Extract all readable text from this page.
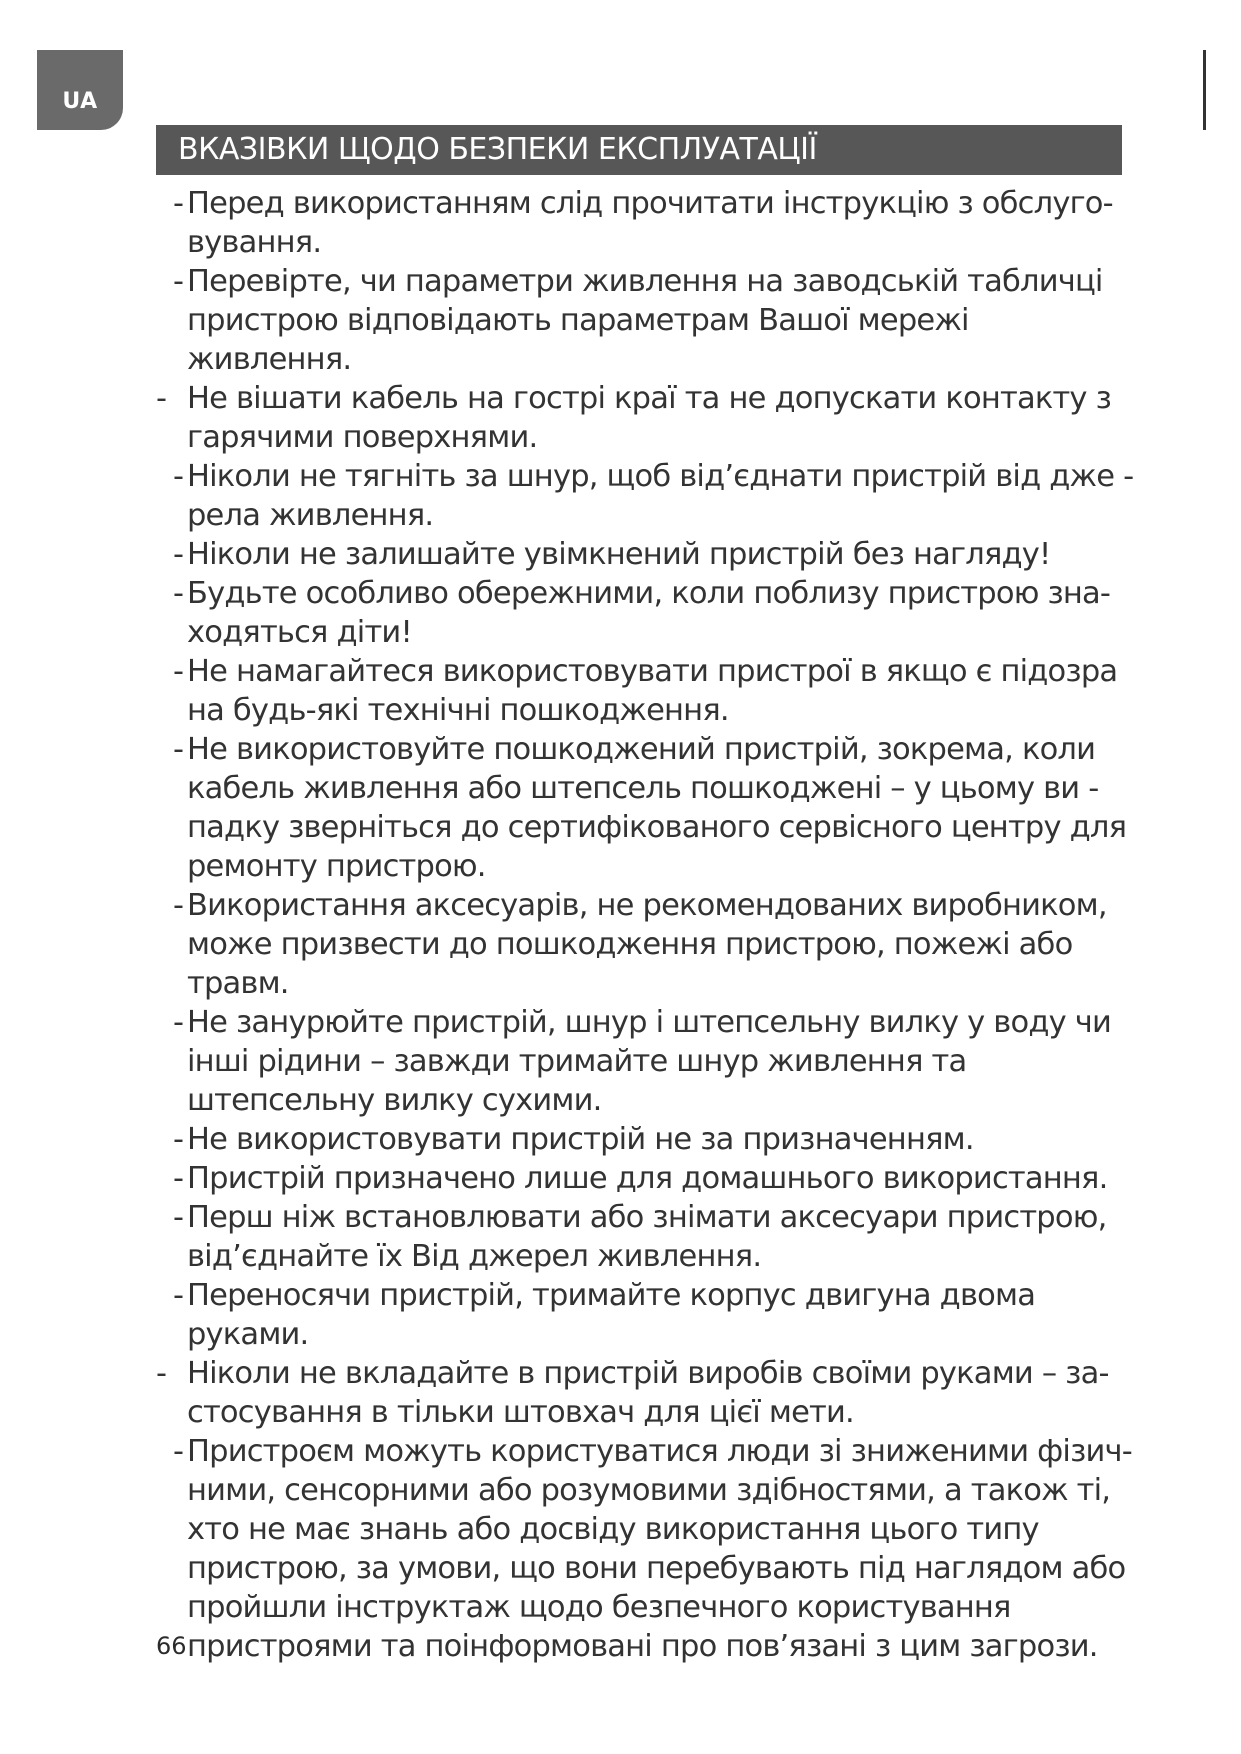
UA
ВКАЗІВКИ ЩОДО БЕЗПЕКИ ЕКСПЛУАТАЦІЇ
- Перед використанням слід прочитати інструкцію з обслуго-вування.
- Перевірте, чи параметри живлення на заводській табличці пристрою відповідають параметрам Вашої мережі живлення.
- Не вішати кабель на гострі краї та не допускати контакту з гарячими поверхнями.
- Ніколи не тягніть за шнур, щоб від’єднати пристрій від дже - рела живлення.
- Ніколи не залишайте увімкнений пристрій без нагляду!
- Будьте особливо обережними, коли поблизу пристрою зна-ходяться діти!
- Не намагайтеся використовувати пристрої в якщо є підозра на будь-які технічні пошкодження.
- Не використовуйте пошкоджений пристрій, зокрема, коли кабель живлення або штепсель пошкоджені – у цьому ви - падку зверніться до сертифікованого сервісного центру для ремонту пристрою.
- Використання аксесуарів, не рекомендованих виробником, може призвести до пошкодження пристрою, пожежі або травм.
- Не занурюйте пристрій, шнур і штепсельну вилку у воду чи інші рідини – завжди тримайте шнур живлення та штепсельну вилку сухими.
- Не використовувати пристрій не за призначенням.
- Пристрій призначено лише для домашнього використання.
- Перш ніж встановлювати або знімати аксесуари пристрою, від’єднайте їх Від джерел живлення.
- Переносячи пристрій, тримайте корпус двигуна двома руками.
- Ніколи не вкладайте в пристрій виробів своїми руками – за-стосування в тільки штовхач для цієї мети.
- Пристроєм можуть користуватися люди зі зниженими фізич-ними, сенсорними або розумовими здібностями, а також ті, хто не має знань або досвіду використання цього типу пристрою, за умови, що вони перебувають під наглядом або пройшли інструктаж щодо безпечного користування пристроями та поінформовані про пов’язані з цим загрози.
66
